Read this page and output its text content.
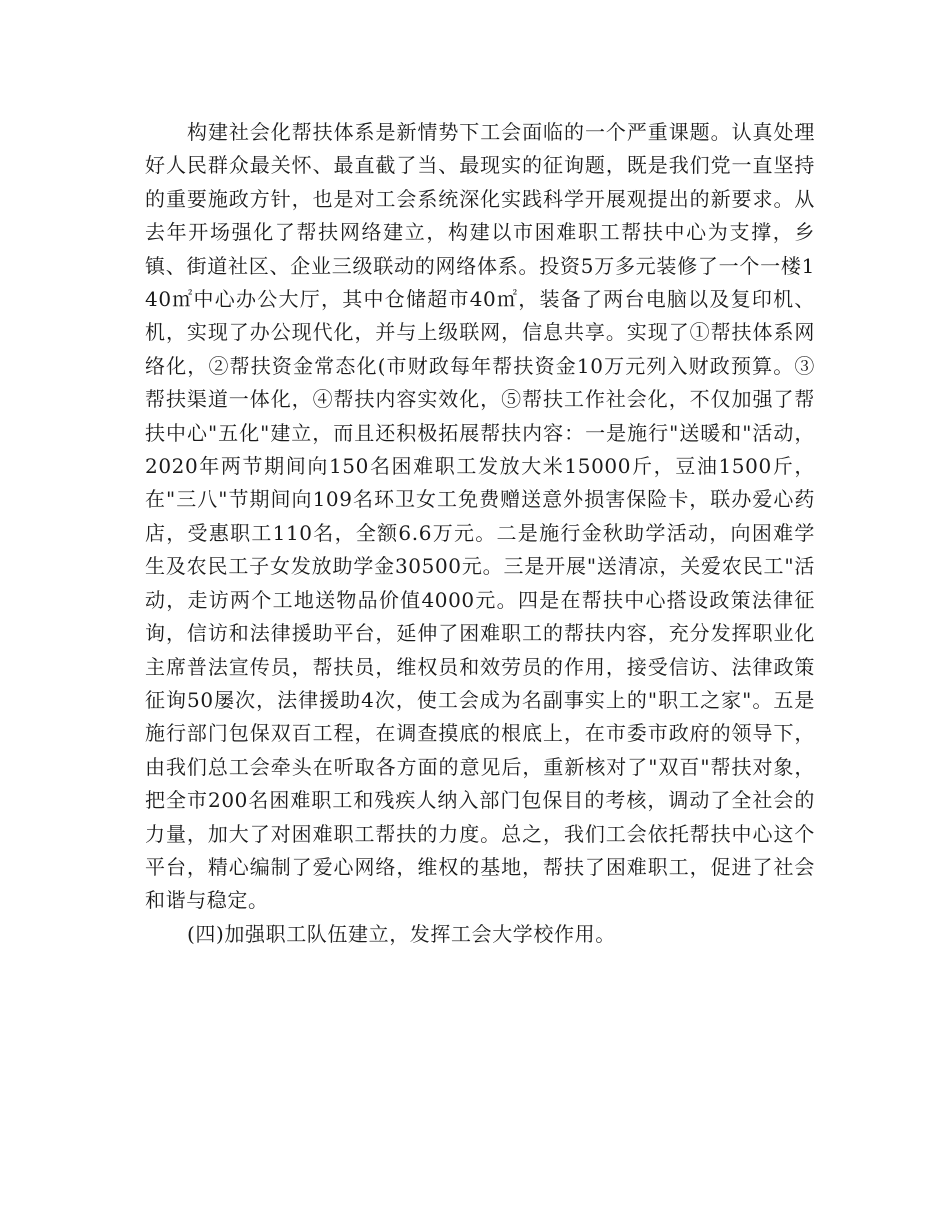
构建社会化帮扶体系是新情势下工会面临的一个严重课题。认真处理好人民群众最关怀、最直截了当、最现实的征询题，既是我们党一直坚持的重要施政方针，也是对工会系统深化实践科学开展观提出的新要求。从去年开场强化了帮扶网络建立，构建以市困难职工帮扶中心为支撑，乡镇、街道社区、企业三级联动的网络体系。投资5万多元装修了一个一楼140㎡中心办公大厅，其中仓储超市40㎡，装备了两台电脑以及复印机、机，实现了办公现代化，并与上级联网，信息共享。实现了①帮扶体系网络化，②帮扶资金常态化(市财政每年帮扶资金10万元列入财政预算。③帮扶渠道一体化，④帮扶内容实效化，⑤帮扶工作社会化，不仅加强了帮扶中心"五化"建立，而且还积极拓展帮扶内容：一是施行"送暖和"活动，2020年两节期间向150名困难职工发放大米15000斤，豆油1500斤，在"三八"节期间向109名环卫女工免费赠送意外损害保险卡，联办爱心药店，受惠职工110名，全额6.6万元。二是施行金秋助学活动，向困难学生及农民工子女发放助学金30500元。三是开展"送清凉，关爱农民工"活动，走访两个工地送物品价值4000元。四是在帮扶中心搭设政策法律征询，信访和法律援助平台，延伸了困难职工的帮扶内容，充分发挥职业化主席普法宣传员，帮扶员，维权员和效劳员的作用，接受信访、法律政策征询50屡次，法律援助4次，使工会成为名副事实上的"职工之家"。五是施行部门包保双百工程，在调查摸底的根底上，在市委市政府的领导下，由我们总工会牵头在听取各方面的意见后，重新核对了"双百"帮扶对象，把全市200名困难职工和残疾人纳入部门包保目的考核，调动了全社会的力量，加大了对困难职工帮扶的力度。总之，我们工会依托帮扶中心这个平台，精心编制了爱心网络，维权的基地，帮扶了困难职工，促进了社会和谐与稳定。

(四)加强职工队伍建立，发挥工会大学校作用。
